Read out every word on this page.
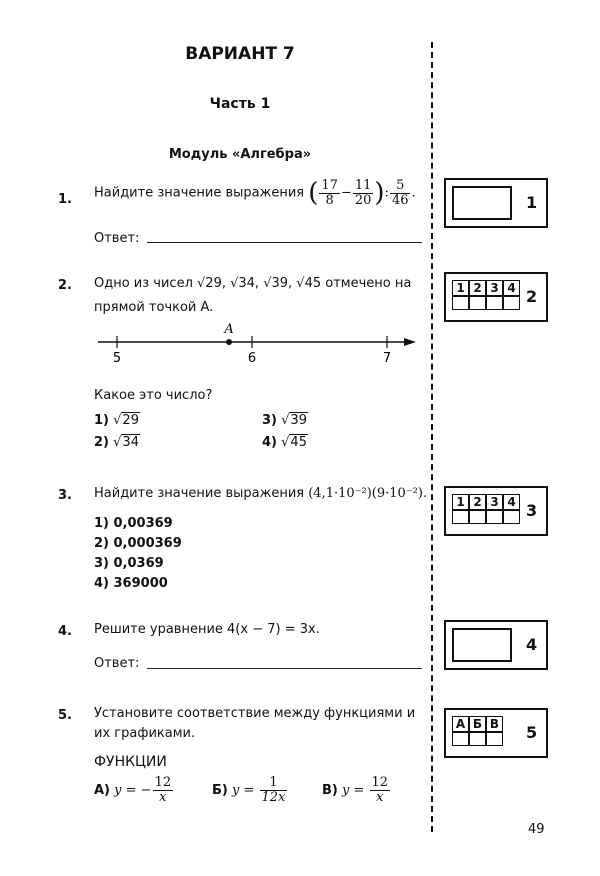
ВАРИАНТ 7
Часть 1
Модуль «Алгебра»
1. Найдите значение выражения ( $\frac{17}{8} - \frac{11}{20}$ ): $\frac{5}{46}$ .
Ответ:
2. Одно из чисел √29, √34, √39, √45 отмечено на
прямой точкой A.
5	6	7
A
Какое это число?
1) √29
2) √34
3) √39
4) √45
3. Найдите значение выражения (4,1·10⁻²)(9·10⁻²).
1) 0,00369
2) 0,000369
3) 0,0369
4) 369000
4. Решите уравнение 4(x − 7) = 3x.
Ответ:
5. Установите соответствие между функциями и
их графиками.
ФУНКЦИИ
А) y = − $\frac{12}{x}$	Б) $y = \frac{1}{12x}$	В) $y = \frac{12}{x}$
1
1 2 3 4 2
1 2 3 4 3
4
А Б В 5
49
